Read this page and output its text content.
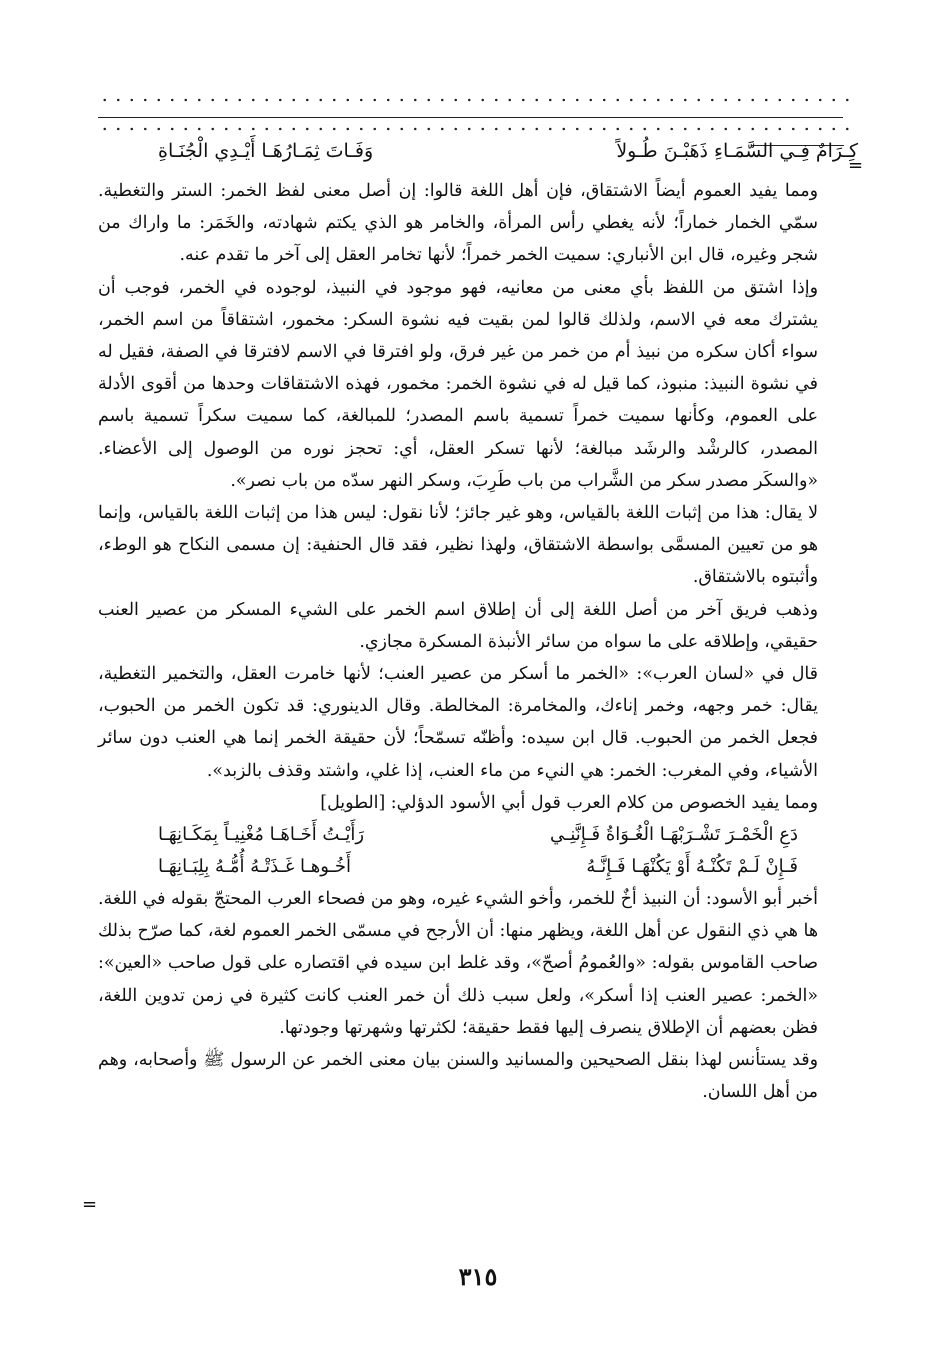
وَفَـاتَ ثِمَـارُهَـا أَيْـدِي الْجُنَـاةِ	كِـرَامٌ فِـي السَّمَـاءِ ذَهَبْـنَ طُـولاً

ومما يفيد العموم أيضاً الاشتقاق، فإن أهل اللغة قالوا: إن أصل معنى لفظ الخمر: الستر والتغطية. سمّي الخمار خماراً؛ لأنه يغطي رأس المرأة، والخامر هو الذي يكتم شهادته، والخَمَر: ما واراك من شجر وغيره، قال ابن الأنباري: سميت الخمر خمراً؛ لأنها تخامر العقل إلى آخر ما تقدم عنه.

وإذا اشتق من اللفظ بأي معنى من معانيه، فهو موجود في النبيذ، لوجوده في الخمر، فوجب أن يشترك معه في الاسم، ولذلك قالوا لمن بقيت فيه نشوة السكر: مخمور، اشتقاقاً من اسم الخمر، سواء أكان سكره من نبيذ أم من خمر من غير فرق، ولو افترقا في الاسم لافترقا في الصفة، فقيل له في نشوة النبيذ: منبوذ، كما قيل له في نشوة الخمر: مخمور، فهذه الاشتقاقات وحدها من أقوى الأدلة على العموم، وكأنها سميت خمراً تسمية باسم المصدر؛ للمبالغة، كما سميت سكراً تسمية باسم المصدر، كالرشْد والرشَد مبالغة؛ لأنها تسكر العقل، أي: تحجز نوره من الوصول إلى الأعضاء. «والسكَر مصدر سكر من الشَّراب من باب طَرِبَ، وسكر النهر سدّه من باب نصر».

لا يقال: هذا من إثبات اللغة بالقياس، وهو غير جائز؛ لأنا نقول: ليس هذا من إثبات اللغة بالقياس، وإنما هو من تعيين المسمَّى بواسطة الاشتقاق، ولهذا نظير، فقد قال الحنفية: إن مسمى النكاح هو الوطء، وأثبتوه بالاشتقاق.

وذهب فريق آخر من أصل اللغة إلى أن إطلاق اسم الخمر على الشيء المسكر من عصير العنب حقيقي، وإطلاقه على ما سواه من سائر الأنبذة المسكرة مجازي.

قال في «لسان العرب»: «الخمر ما أسكر من عصير العنب؛ لأنها خامرت العقل، والتخمير التغطية، يقال: خمر وجهه، وخمر إناءك، والمخامرة: المخالطة. وقال الدينوري: قد تكون الخمر من الحبوب، فجعل الخمر من الحبوب. قال ابن سيده: وأظنّه تسمّحاً؛ لأن حقيقة الخمر إنما هي العنب دون سائر الأشياء، وفي المغرب: الخمر: هي النيء من ماء العنب، إذا غلي، واشتد وقذف بالزبد».

ومما يفيد الخصوص من كلام العرب قول أبي الأسود الدؤلي: [الطويل]

دَعِ الْخَمْـرَ تَشْـرَبْهَـا الْغُـوَاةُ فَـإِنَّنِـي
رَأَيْـتُ أَخَـاهَـا مُغْنِيـاً بِمَكَـانِهَـا
فَـإِنْ لَـمْ تَكُنْـهُ أَوْ يَكُنْهَـا فَـإِنَّـهُ
أَخُـوهـا غَـذَتْـهُ أُمُّـهُ بِلِبَـانِهَـا

أخبر أبو الأسود: أن النبيذ أخٌ للخمر، وأخو الشيء غيره، وهو من فصحاء العرب المحتجّ بقوله في اللغة. ها هي ذي النقول عن أهل اللغة، ويظهر منها: أن الأرجح في مسمّى الخمر العموم لغة، كما صرّح بذلك صاحب القاموس بقوله: «والعُمومُ أصحّ»، وقد غلط ابن سيده في اقتصاره على قول صاحب «العين»: «الخمر: عصير العنب إذا أسكر»، ولعل سبب ذلك أن خمر العنب كانت كثيرة في زمن تدوين اللغة، فظن بعضهم أن الإطلاق ينصرف إليها فقط حقيقة؛ لكثرتها وشهرتها وجودتها.

وقد يستأنس لهذا بنقل الصحيحين والمسانيد والسنن بيان معنى الخمر عن الرسول ﷺ وأصحابه، وهم من أهل اللسان.

٣١٥
=
=
